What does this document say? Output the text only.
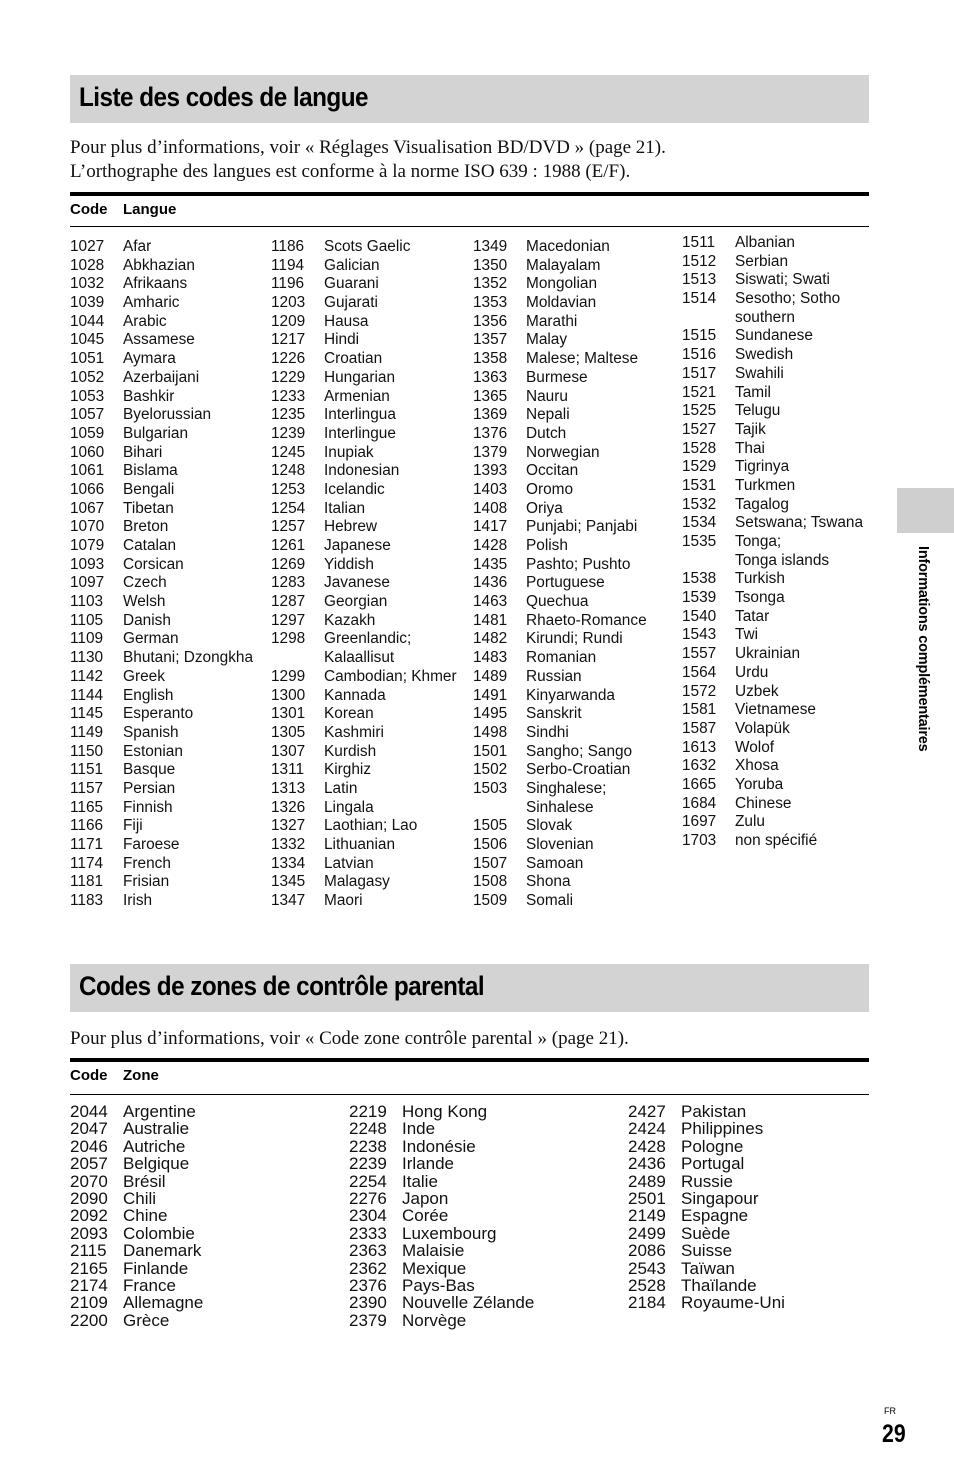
Liste des codes de langue

Pour plus d’informations, voir « Réglages Visualisation BD/DVD » (page 21).

L’orthographe des langues est conforme à la norme ISO 639 : 1988 (E/F).

Code Langue
1027 Afar
1028 Abkhazian
1032 Afrikaans
1039 Amharic
1044 Arabic
1045 Assamese
1051 Aymara
1052 Azerbaijani
1053 Bashkir
1057 Byelorussian
1059 Bulgarian
1060 Bihari
1061 Bislama
1066 Bengali
1067 Tibetan
1070 Breton
1079 Catalan
1093 Corsican
1097 Czech
1103 Welsh
1105 Danish
1109 German
1130 Bhutani; Dzongkha
1142 Greek
1144 English
1145 Esperanto
1149 Spanish
1150 Estonian
1151 Basque
1157 Persian
1165 Finnish
1166 Fiji
1171 Faroese
1174 French
1181 Frisian
1183 Irish
1186 Scots Gaelic
1194 Galician
1196 Guarani
1203 Gujarati
1209 Hausa
1217 Hindi
1226 Croatian
1229 Hungarian
1233 Armenian
1235 Interlingua
1239 Interlingue
1245 Inupiak
1248 Indonesian
1253 Icelandic
1254 Italian
1257 Hebrew
1261 Japanese
1269 Yiddish
1283 Javanese
1287 Georgian
1297 Kazakh
1298 Greenlandic;
Kalaallisut
1299 Cambodian; Khmer
1300 Kannada
1301 Korean
1305 Kashmiri
1307 Kurdish
1311 Kirghiz
1313 Latin
1326 Lingala
1327 Laothian; Lao
1332 Lithuanian
1334 Latvian
1345 Malagasy
1347 Maori
1349 Macedonian
1350 Malayalam
1352 Mongolian
1353 Moldavian
1356 Marathi
1357 Malay
1358 Malese; Maltese
1363 Burmese
1365 Nauru
1369 Nepali
1376 Dutch
1379 Norwegian
1393 Occitan
1403 Oromo
1408 Oriya
1417 Punjabi; Panjabi
1428 Polish
1435 Pashto; Pushto
1436 Portuguese
1463 Quechua
1481 Rhaeto-Romance
1482 Kirundi; Rundi
1483 Romanian
1489 Russian
1491 Kinyarwanda
1495 Sanskrit
1498 Sindhi
1501 Sangho; Sango
1502 Serbo-Croatian
1503 Singhalese;
Sinhalese
1505 Slovak
1506 Slovenian
1507 Samoan
1508 Shona
1509 Somali
1511 Albanian
1512 Serbian
1513 Siswati; Swati
1514 Sesotho; Sotho
southern
1515 Sundanese
1516 Swedish
1517 Swahili
1521 Tamil
1525 Telugu
1527 Tajik
1528 Thai
1529 Tigrinya
1531 Turkmen
1532 Tagalog
1534 Setswana; Tswana
1535 Tonga;
Tonga islands
1538 Turkish
1539 Tsonga
1540 Tatar
1543 Twi
1557 Ukrainian
1564 Urdu
1572 Uzbek
1581 Vietnamese
1587 Volapük
1613 Wolof
1632 Xhosa
1665 Yoruba
1684 Chinese
1697 Zulu
1703 non spécifié
Codes de zones de contrôle parental

Pour plus d’informations, voir « Code zone contrôle parental » (page 21).

Code Zone
2044 Argentine
2047 Australie
2046 Autriche
2057 Belgique
2070 Brésil
2090 Chili
2092 Chine
2093 Colombie
2115 Danemark
2165 Finlande
2174 France
2109 Allemagne
2200 Grèce
2219 Hong Kong
2248 Inde
2238 Indonésie
2239 Irlande
2254 Italie
2276 Japon
2304 Corée
2333 Luxembourg
2363 Malaisie
2362 Mexique
2376 Pays-Bas
2390 Nouvelle Zélande
2379 Norvège
2427 Pakistan
2424 Philippines
2428 Pologne
2436 Portugal
2489 Russie
2501 Singapour
2149 Espagne
2499 Suède
2086 Suisse
2543 Taïwan
2528 Thaïlande
2184 Royaume-Uni
Informations complémentaires
FR
29
